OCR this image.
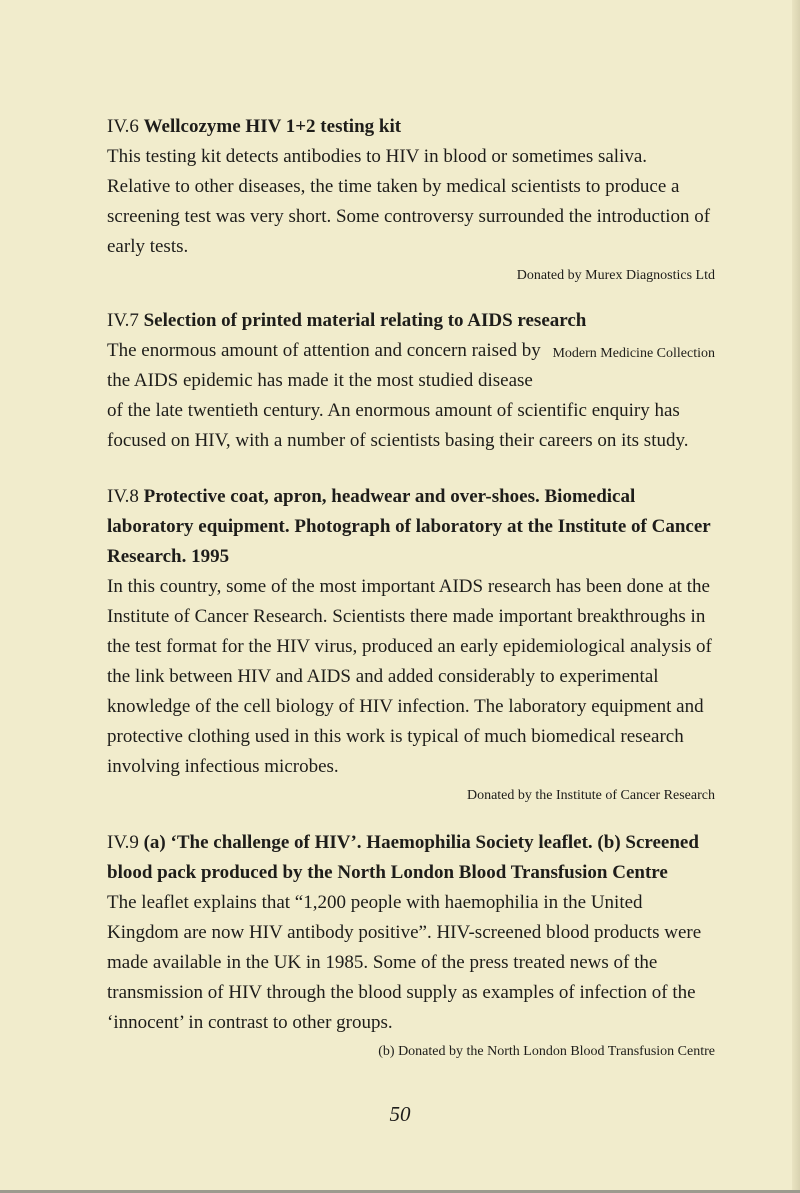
IV.6 Wellcozyme HIV 1+2 testing kit

This testing kit detects antibodies to HIV in blood or sometimes saliva. Relative to other diseases, the time taken by medical scientists to produce a screening test was very short. Some controversy surrounded the introduction of early tests.

Donated by Murex Diagnostics Ltd

IV.7 Selection of printed material relating to AIDS research

Modern Medicine Collection
The enormous amount of attention and concern raised by the AIDS epidemic has made it the most studied disease of the late twentieth century. An enormous amount of scientific enquiry has focused on HIV, with a number of scientists basing their careers on its study.

IV.8 Protective coat, apron, headwear and over-shoes. Biomedical laboratory equipment. Photograph of laboratory at the Institute of Cancer Research. 1995

In this country, some of the most important AIDS research has been done at the Institute of Cancer Research. Scientists there made important breakthroughs in the test format for the HIV virus, produced an early epidemiological analysis of the link between HIV and AIDS and added considerably to experimental knowledge of the cell biology of HIV infection. The laboratory equipment and protective clothing used in this work is typical of much biomedical research involving infectious microbes.

Donated by the Institute of Cancer Research

IV.9 (a) ‘The challenge of HIV’. Haemophilia Society leaflet. (b) Screened blood pack produced by the North London Blood Transfusion Centre

The leaflet explains that “1,200 people with haemophilia in the United Kingdom are now HIV antibody positive”. HIV-screened blood products were made available in the UK in 1985. Some of the press treated news of the transmission of HIV through the blood supply as examples of infection of the ‘innocent’ in contrast to other groups.

(b) Donated by the North London Blood Transfusion Centre

50
